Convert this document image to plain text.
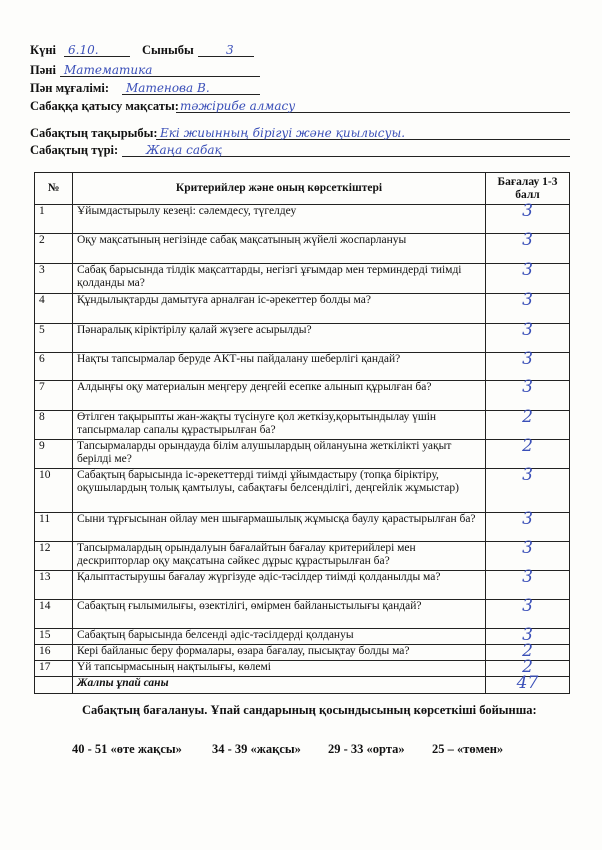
Күні 6.10.	Сыныбы	3
Пәні Математика
Пән мұғалімі: Матенова В.
Сабаққа қатысу мақсаты: тәжірибе алмасу
Сабақтың тақырыбы: Екі жиынның бірігуі және қиылысуы.
Сабақтың түрі: Жаңа сабақ
№	Критерийлер және оның көрсеткіштері	Бағалау 1-3 балл
1	Ұйымдастырылу кезеңі: сәлемдесу, түгелдеу	3
2	Оқу мақсатының негізінде сабақ мақсатының жүйелі жоспарлануы	3
3	Сабақ барысында тілдік мақсаттарды, негізгі ұғымдар мен терминдерді тиімді қолданды ма?	3
4	Құндылықтарды дамытуға арналған іс-әрекеттер болды ма?	3
5	Пәнаралық кіріктірілу қалай жүзеге асырылды?	3
6	Нақты тапсырмалар беруде АКТ-ны пайдалану шеберлігі қандай?	3
7	Алдыңғы оқу материалын меңгеру деңгейі есепке алынып құрылған ба?	3
8	Өтілген тақырыпты жан-жақты түсінуге қол жеткізу,қорытындылау үшін тапсырмалар сапалы құрастырылған ба?	2
9	Тапсырмаларды орындауда білім алушылардың ойлануына жеткілікті уақыт берілді ме?	2
10	Сабақтың барысында іс-әрекеттерді тиімді ұйымдастыру (топқа біріктіру, оқушылардың толық қамтылуы, сабақтағы белсенділігі, деңгейлік жұмыстар)	3
11	Сыни тұрғысынан ойлау мен шығармашылық жұмысқа баулу қарастырылған ба?	3
12	Тапсырмалардың орындалуын бағалайтын бағалау критерийлері мен дескрипторлар оқу мақсатына сәйкес дұрыс құрастырылған ба?	3
13	Қалыптастырушы бағалау жүргізуде әдіс-тәсілдер тиімді қолданылды ма?	3
14	Сабақтың ғылымилығы, өзектілігі, өмірмен байланыстылығы қандай?	3
15	Сабақтың барысында белсенді әдіс-тәсілдерді қолдануы	3
16	Кері байланыс беру формалары, өзара бағалау, пысықтау болды ма?	2
17	Үй тапсырмасының нақтылығы, көлемі	2
	Жалпы ұпай саны	47
Сабақтың бағалануы. Ұпай сандарының қосындысының көрсеткіші бойынша:
40 - 51 «өте жақсы» 34 - 39 «жақсы» 29 - 33 «орта» 25 – «төмен»
